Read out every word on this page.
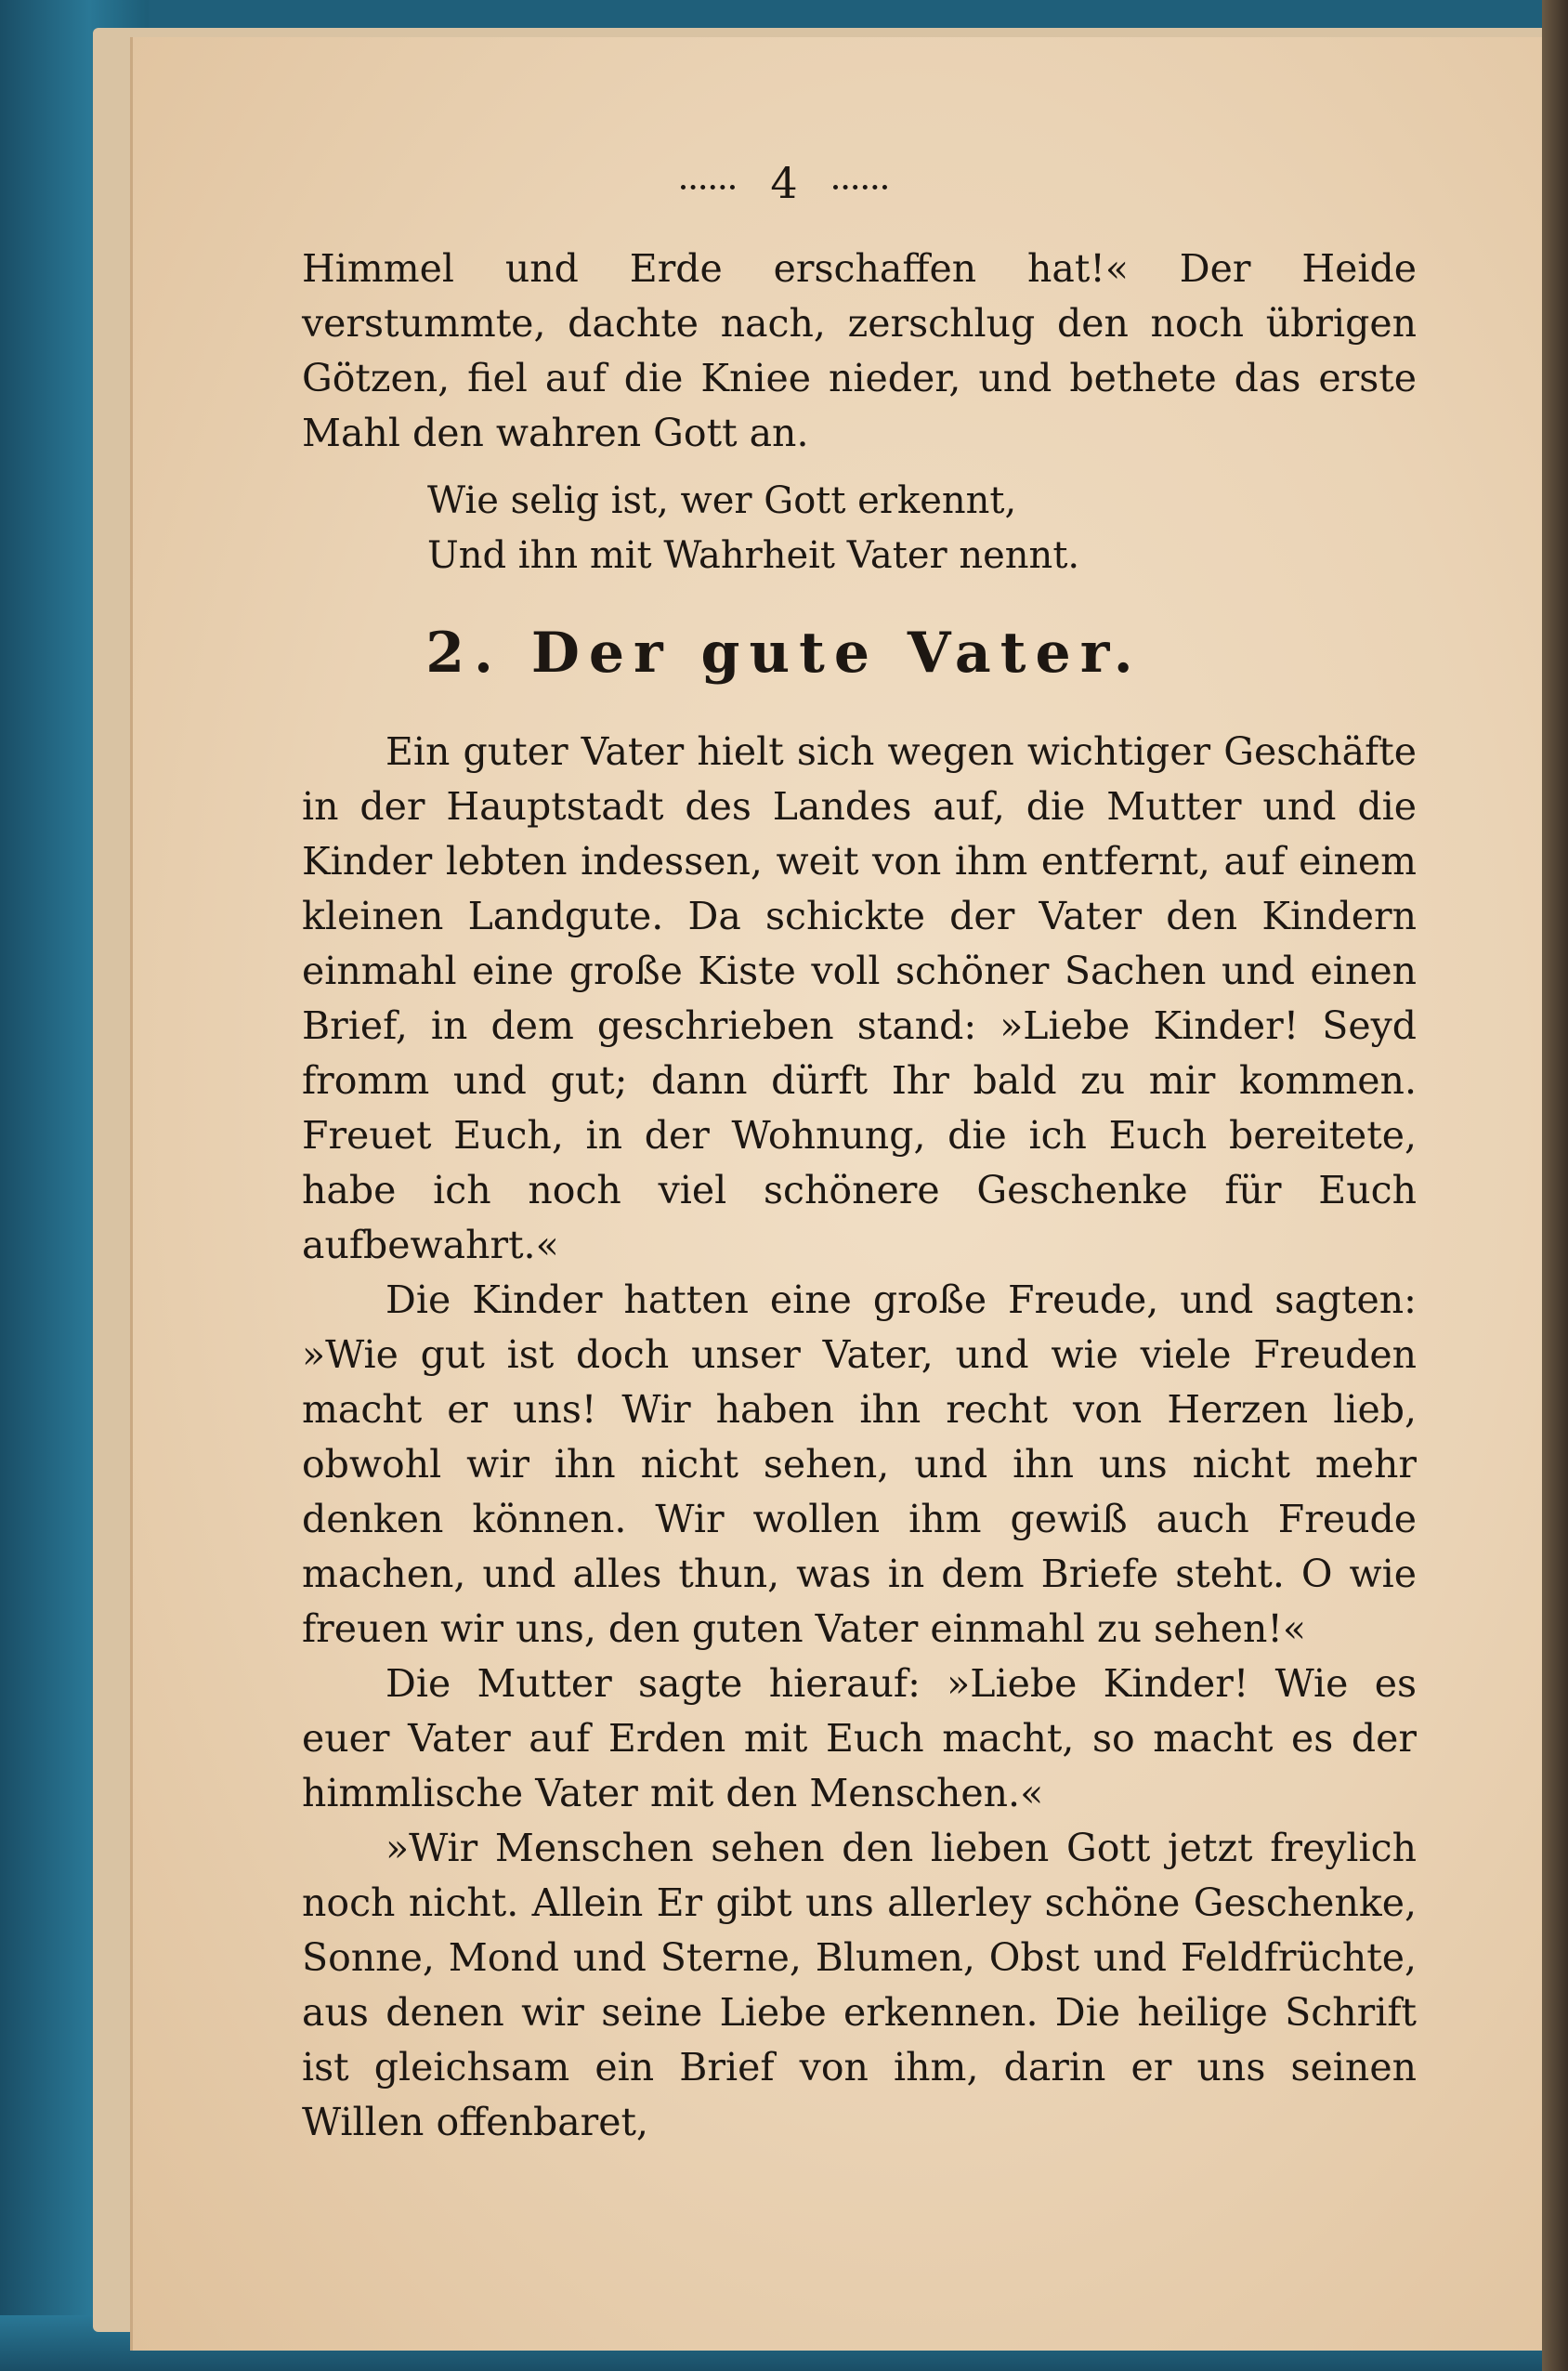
4

Himmel und Erde erschaffen hat!« Der Heide verstummte, dachte nach, zerschlug den noch übrigen Götzen, fiel auf die Kniee nieder, und bethete das erste Mahl den wahren Gott an.

Wie selig ist, wer Gott erkennt,
Und ihn mit Wahrheit Vater nennt.
2. Der gute Vater.

Ein guter Vater hielt sich wegen wichtiger Geschäfte in der Hauptstadt des Landes auf, die Mutter und die Kinder lebten indessen, weit von ihm entfernt, auf einem kleinen Landgute. Da schickte der Vater den Kindern einmahl eine große Kiste voll schöner Sachen und einen Brief, in dem geschrieben stand: »Liebe Kinder! Seyd fromm und gut; dann dürft Ihr bald zu mir kommen. Freuet Euch, in der Wohnung, die ich Euch bereitete, habe ich noch viel schönere Geschenke für Euch aufbewahrt.«

Die Kinder hatten eine große Freude, und sagten: »Wie gut ist doch unser Vater, und wie viele Freuden macht er uns! Wir haben ihn recht von Herzen lieb, obwohl wir ihn nicht sehen, und ihn uns nicht mehr denken können. Wir wollen ihm gewiß auch Freude machen, und alles thun, was in dem Briefe steht. O wie freuen wir uns, den guten Vater einmahl zu sehen!«

Die Mutter sagte hierauf: »Liebe Kinder! Wie es euer Vater auf Erden mit Euch macht, so macht es der himmlische Vater mit den Menschen.«

»Wir Menschen sehen den lieben Gott jetzt freylich noch nicht. Allein Er gibt uns allerley schöne Geschenke, Sonne, Mond und Sterne, Blumen, Obst und Feldfrüchte, aus denen wir seine Liebe erkennen. Die heilige Schrift ist gleichsam ein Brief von ihm, darin er uns seinen Willen offenbaret,
